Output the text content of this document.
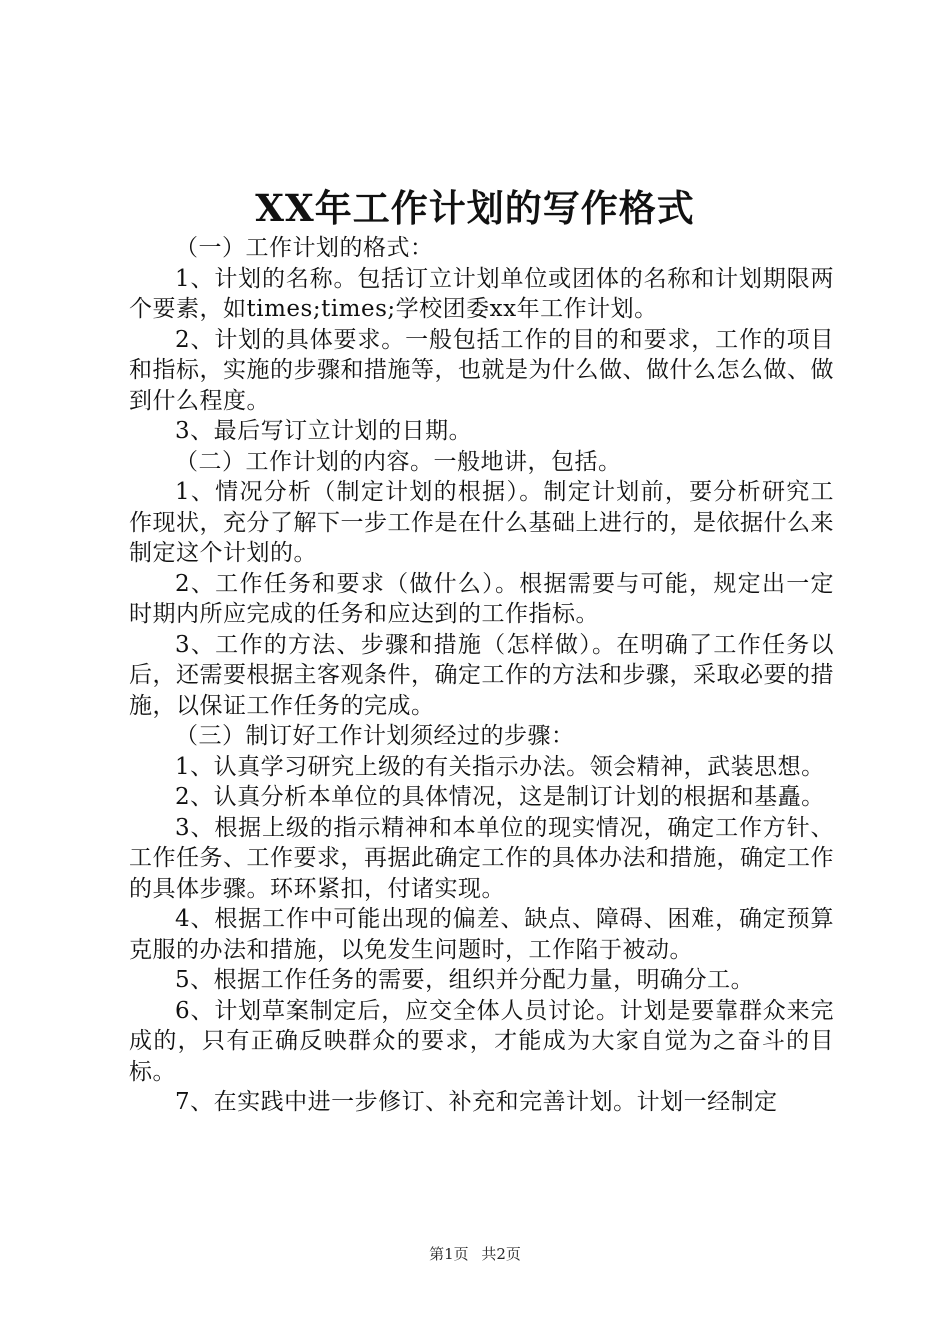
XX年工作计划的写作格式

（一）工作计划的格式：

1、计划的名称。包括订立计划单位或团体的名称和计划期限两个要素，如times;times;学校团委xx年工作计划。

2、计划的具体要求。一般包括工作的目的和要求，工作的项目和指标，实施的步骤和措施等，也就是为什么做、做什么怎么做、做到什么程度。

3、最后写订立计划的日期。

（二）工作计划的内容。一般地讲，包括。

1、情况分析（制定计划的根据）。制定计划前，要分析研究工作现状，充分了解下一步工作是在什么基础上进行的，是依据什么来制定这个计划的。

2、工作任务和要求（做什么）。根据需要与可能，规定出一定时期内所应完成的任务和应达到的工作指标。

3、工作的方法、步骤和措施（怎样做）。在明确了工作任务以后，还需要根据主客观条件，确定工作的方法和步骤，采取必要的措施，以保证工作任务的完成。

（三）制订好工作计划须经过的步骤：

1、认真学习研究上级的有关指示办法。领会精神，武装思想。

2、认真分析本单位的具体情况，这是制订计划的根据和基矗。

3、根据上级的指示精神和本单位的现实情况，确定工作方针、工作任务、工作要求，再据此确定工作的具体办法和措施，确定工作的具体步骤。环环紧扣，付诸实现。

4、根据工作中可能出现的偏差、缺点、障碍、困难，确定预算克服的办法和措施，以免发生问题时，工作陷于被动。

5、根据工作任务的需要，组织并分配力量，明确分工。

6、计划草案制定后，应交全体人员讨论。计划是要靠群众来完成的，只有正确反映群众的要求，才能成为大家自觉为之奋斗的目标。

7、在实践中进一步修订、补充和完善计划。计划一经制定

第1页 共2页
